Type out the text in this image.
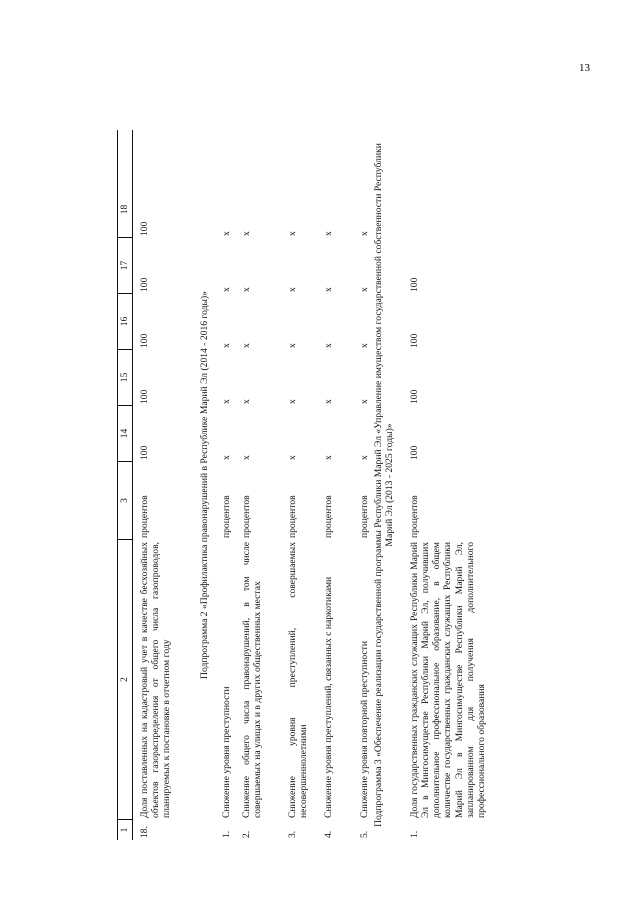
13
1
2
3
14
15
16
17
18
18.
Доля поставленных на кадастровый учет в качестве бесхозяйных объектов газораспределения от общего числа газопроводов, планируемых к постановке в отчетном году
процентов
100
100
100
100
100
Подпрограмма 2 «Профилактика правонарушений в Республике Марий Эл (2014 - 2016 годы)»
1.
Снижение уровня преступности
процентов
х
х
х
х
х
2.
Снижение общего числа правонарушений, в том числе совершаемых на улицах и в других общественных местах
процентов
х
х
х
х
х
3.
Снижение уровня преступлений, совершаемых несовершеннолетними
процентов
х
х
х
х
х
4.
Снижение уровня преступлений, связанных с наркотиками
процентов
х
х
х
х
х
5.
Снижение уровня повторной преступности
процентов
х
х
х
х
х Подпрограмма 3 «Обеспечение реализации государственной программы Республики Марий Эл «Управление имуществом государственной собственности Республики Марий Эл (2013 - 2025 годы)»
1.
Доля государственных гражданских служащих Республики Марий Эл в Мингосимуществе Республики Марий Эл, получивших дополнительное профессиональное образование, в общем количестве государственных гражданских служащих Республики Марий Эл в Мингосимуществе Республики Марий Эл, запланированном для получения дополнительного профессионального образования
процентов
100
100
100
100
